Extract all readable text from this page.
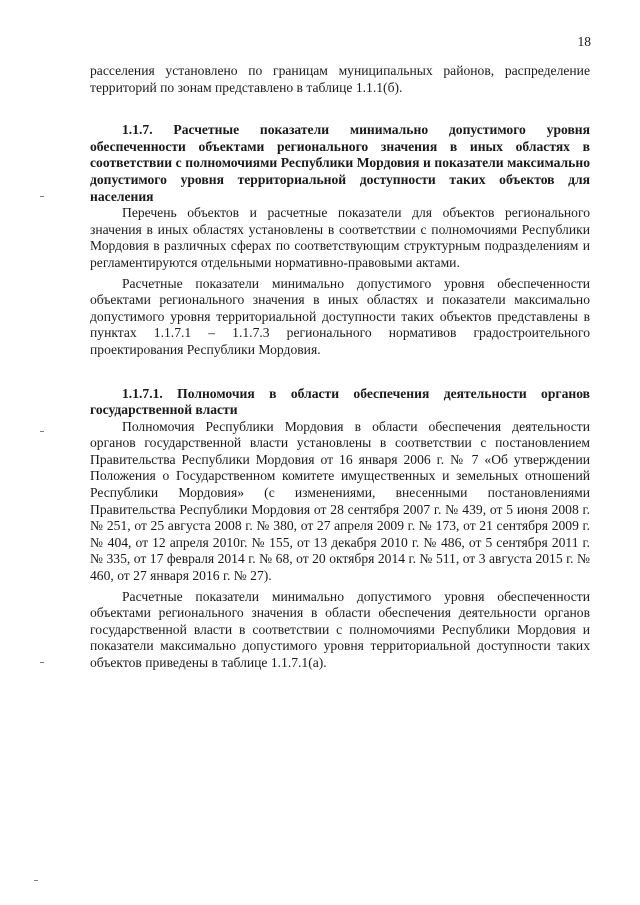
18

расселения установлено по границам муниципальных районов, распределение территорий по зонам представлено в таблице 1.1.1(б).

1.1.7. Расчетные показатели минимально допустимого уровня обеспеченности объектами регионального значения в иных областях в соответствии с полномочиями Республики Мордовия и показатели максимально допустимого уровня территориальной доступности таких объектов для населения

Перечень объектов и расчетные показатели для объектов регионального значения в иных областях установлены в соответствии с полномочиями Республики Мордовия в различных сферах по соответствующим структурным подразделениям и регламентируются отдельными нормативно-правовыми актами.

Расчетные показатели минимально допустимого уровня обеспеченности объектами регионального значения в иных областях и показатели максимально допустимого уровня территориальной доступности таких объектов представлены в пунктах 1.1.7.1 – 1.1.7.3 регионального нормативов градостроительного проектирования Республики Мордовия.

1.1.7.1. Полномочия в области обеспечения деятельности органов государственной власти

Полномочия Республики Мордовия в области обеспечения деятельности органов государственной власти установлены в соответствии с постановлением Правительства Республики Мордовия от 16 января 2006 г. № 7 «Об утверждении Положения о Государственном комитете имущественных и земельных отношений Республики Мордовия» (с изменениями, внесенными постановлениями Правительства Республики Мордовия от 28 сентября 2007 г. № 439, от 5 июня 2008 г. № 251, от 25 августа 2008 г. № 380, от 27 апреля 2009 г. № 173, от 21 сентября 2009 г. № 404, от 12 апреля 2010г. № 155, от 13 декабря 2010 г. № 486, от 5 сентября 2011 г. № 335, от 17 февраля 2014 г. № 68, от 20 октября 2014 г. № 511, от 3 августа 2015 г. № 460, от 27 января 2016 г. № 27).

Расчетные показатели минимально допустимого уровня обеспеченности объектами регионального значения в области обеспечения деятельности органов государственной власти в соответствии с полномочиями Республики Мордовия и показатели максимально допустимого уровня территориальной доступности таких объектов приведены в таблице 1.1.7.1(а).
